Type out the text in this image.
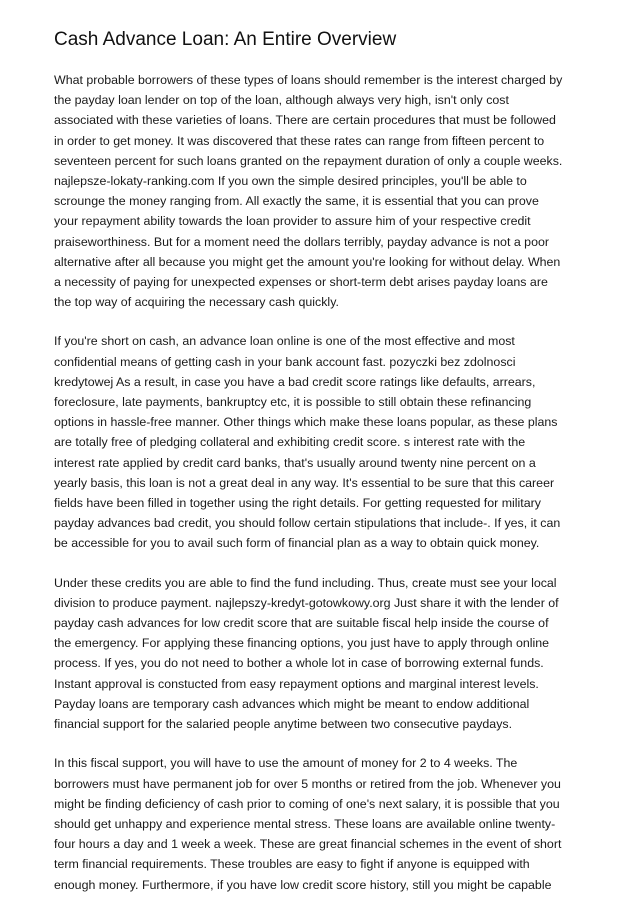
Cash Advance Loan: An Entire Overview

What probable borrowers of these types of loans should remember is the interest charged by
the payday loan lender on top of the loan, although always very high, isn't only cost
associated with these varieties of loans. There are certain procedures that must be followed
in order to get money. It was discovered that these rates can range from fifteen percent to
seventeen percent for such loans granted on the repayment duration of only a couple weeks.
najlepsze-lokaty-ranking.com If you own the simple desired principles, you'll be able to
scrounge the money ranging from. All exactly the same, it is essential that you can prove
your repayment ability towards the loan provider to assure him of your respective credit
praiseworthiness. But for a moment need the dollars terribly, payday advance is not a poor
alternative after all because you might get the amount you're looking for without delay. When
a necessity of paying for unexpected expenses or short-term debt arises payday loans are
the top way of acquiring the necessary cash quickly.

If you're short on cash, an advance loan online is one of the most effective and most
confidential means of getting cash in your bank account fast. pozyczki bez zdolnosci
kredytowej As a result, in case you have a bad credit score ratings like defaults, arrears,
foreclosure, late payments, bankruptcy etc, it is possible to still obtain these refinancing
options in hassle-free manner. Other things which make these loans popular, as these plans
are totally free of pledging collateral and exhibiting credit score. s interest rate with the
interest rate applied by credit card banks, that's usually around twenty nine percent on a
yearly basis, this loan is not a great deal in any way. It's essential to be sure that this career
fields have been filled in together using the right details. For getting requested for military
payday advances bad credit, you should follow certain stipulations that include-. If yes, it can
be accessible for you to avail such form of financial plan as a way to obtain quick money.

Under these credits you are able to find the fund including. Thus, create must see your local
division to produce payment. najlepszy-kredyt-gotowkowy.org Just share it with the lender of
payday cash advances for low credit score that are suitable fiscal help inside the course of
the emergency. For applying these financing options, you just have to apply through online
process. If yes, you do not need to bother a whole lot in case of borrowing external funds.
Instant approval is constucted from easy repayment options and marginal interest levels.
Payday loans are temporary cash advances which might be meant to endow additional
financial support for the salaried people anytime between two consecutive paydays.

In this fiscal support, you will have to use the amount of money for 2 to 4 weeks. The
borrowers must have permanent job for over 5 months or retired from the job. Whenever you
might be finding deficiency of cash prior to coming of one's next salary, it is possible that you
should get unhappy and experience mental stress. These loans are available online twenty-
four hours a day and 1 week a week. These are great financial schemes in the event of short
term financial requirements. These troubles are easy to fight if anyone is equipped with
enough money. Furthermore, if you have low credit score history, still you might be capable
